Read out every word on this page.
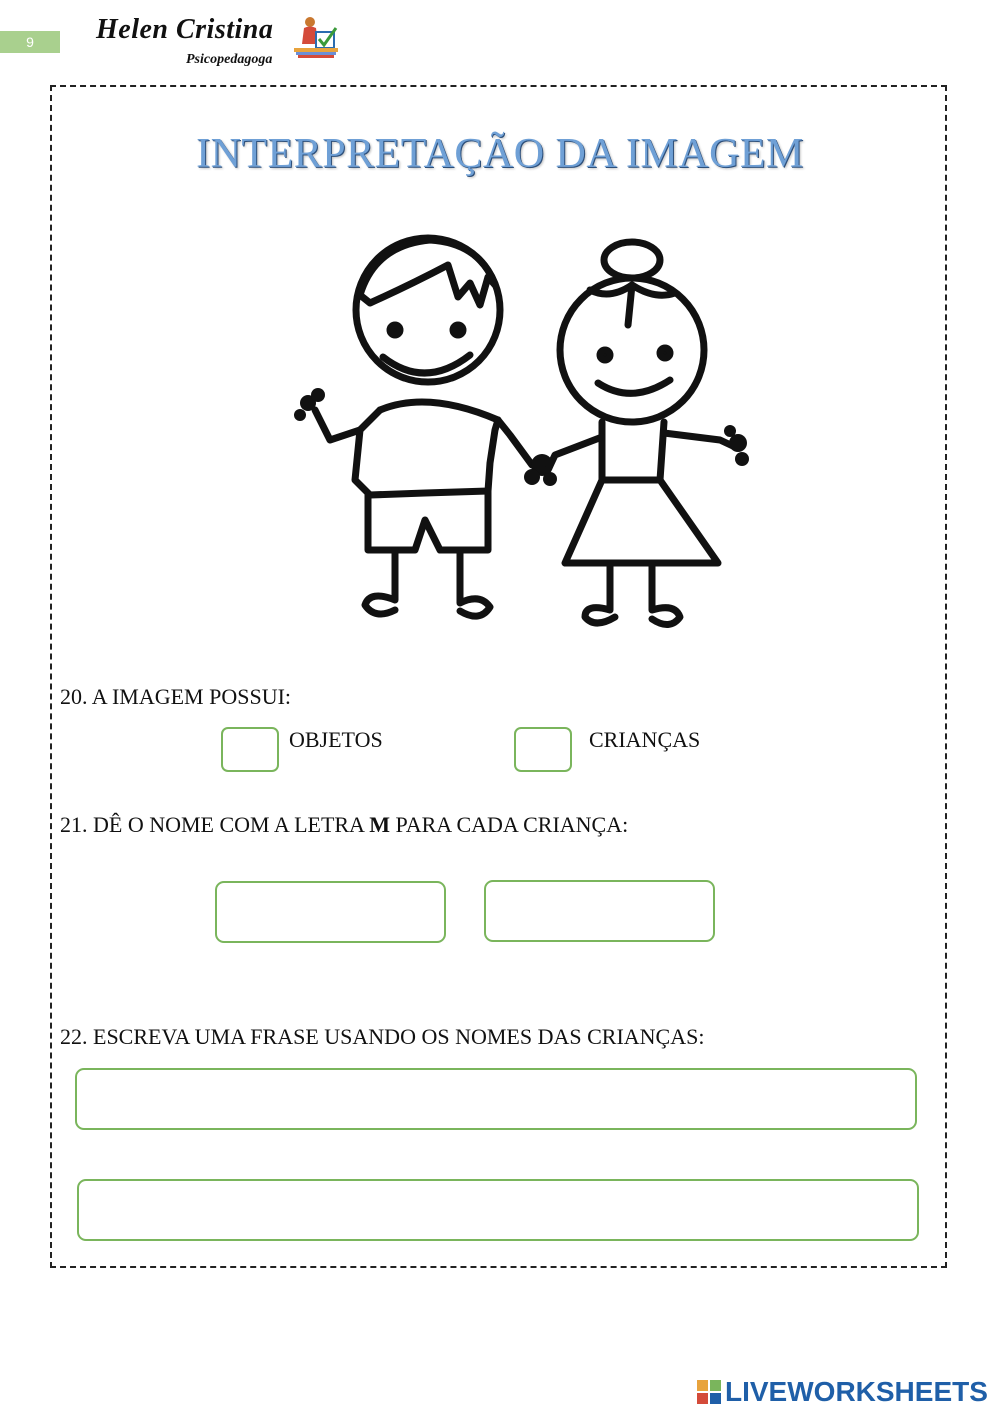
9	Helen Cristina
Psicopedagoga
INTERPRETAÇÃO DA IMAGEM
20. A IMAGEM POSSUI:
OBJETOS	CRIANÇAS
21. DÊ O NOME COM A LETRA M PARA CADA CRIANÇA:
22. ESCREVA UMA FRASE USANDO OS NOMES DAS CRIANÇAS:
LIVEWORKSHEETS
